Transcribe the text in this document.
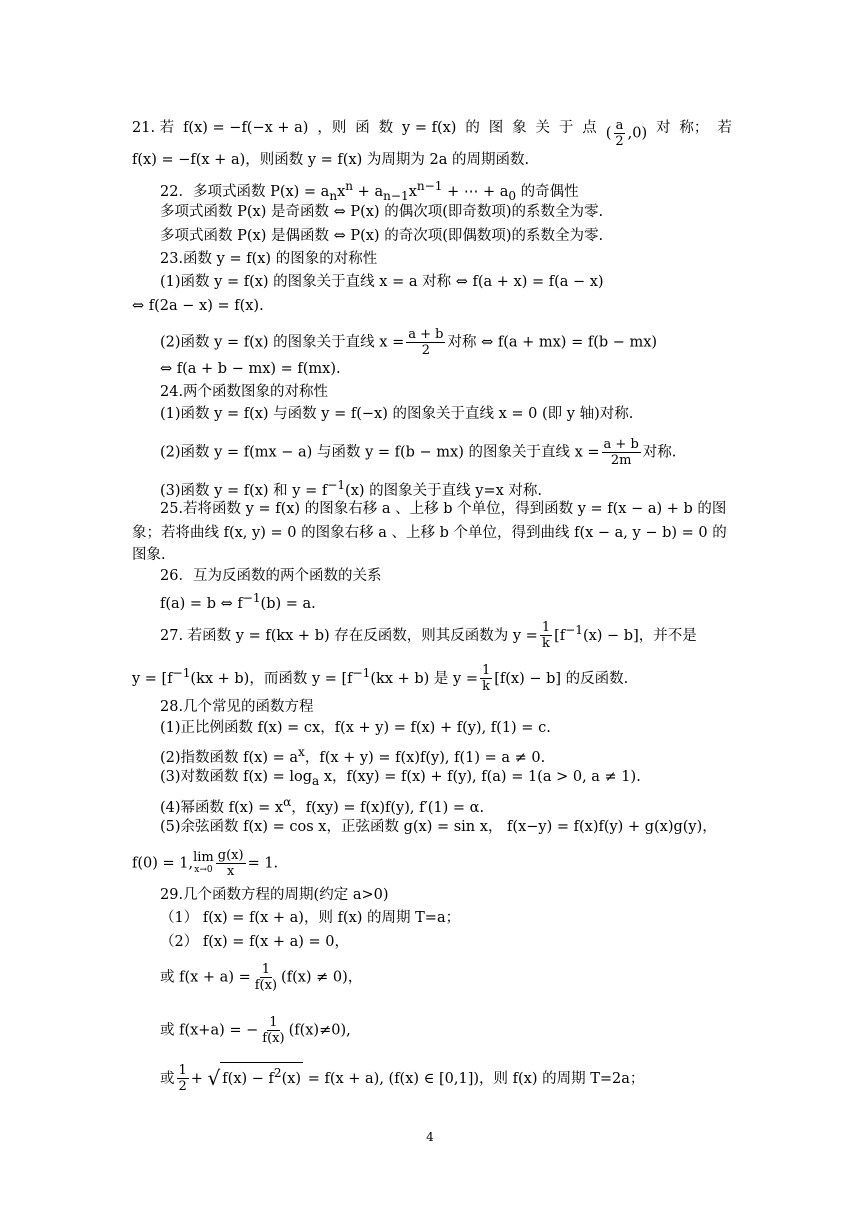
21. 若 f(x) = −f(−x + a) ，则 函 数 y = f(x) 的 图 象 关 于 点 ( $\frac{a}{2} ,0$) 对 称； 若
f(x) = −f(x + a)，则函数 y = f(x) 为周期为 2a 的周期函数.
22．多项式函数 $P(x) = a_nx^n + a_{n-1}x^{n-1}$ + ⋯ + $a_0$ 的奇偶性
多项式函数 P(x) 是奇函数 ⇔ P(x) 的偶次项(即奇数项)的系数全为零.
多项式函数 P(x) 是偶函数 ⇔ P(x) 的奇次项(即偶数项)的系数全为零.
23.函数 y = f(x) 的图象的对称性
(1)函数 y = f(x) 的图象关于直线 x = a 对称 ⇔ f(a + x) = f(a − x)
⇔ f(2a − x) = f(x).
(2)函数 y = f(x) 的图象关于直线 $x = \frac{a + b}{2}$ 对称 ⇔ f(a + mx) = f(b − mx)
⇔ f(a + b − mx) = f(mx).
24.两个函数图象的对称性
(1)函数 y = f(x) 与函数 y = f(−x) 的图象关于直线 x = 0 (即 y 轴)对称.
(2)函数 y = f(mx − a) 与函数 y = f(b − mx) 的图象关于直线 $x = \frac{a + b}{2m}$ 对称.
(3)函数 y = f(x) 和 $y = f^{-1}(x)$ 的图象关于直线 y=x 对称.
25.若将函数 y = f(x) 的图象右移 a 、上移 b 个单位，得到函数 y = f(x − a) + b 的图
象；若将曲线 f(x, y) = 0 的图象右移 a 、上移 b 个单位，得到曲线 f(x − a, y − b) = 0 的
图象.
26．互为反函数的两个函数的关系
f(a) = b ⇔ $f^{-1}(b) = a$.
27. 若函数 y = f(kx + b) 存在反函数，则其反函数为 $y = \frac{1}{k} [f^{-1}(x) - b]$，并不是
$y = [f^{-1}(kx + b)$，而函数 $y = [f^{-1}(kx + b)$ 是 $y = \frac{1}{k} [f(x) - b]$ 的反函数.
28.几个常见的函数方程
(1)正比例函数 f(x) = cx，f(x + y) = f(x) + f(y), f(1) = c.
(2)指数函数 $f(x) = a^x$，f(x + y) = f(x)f(y), f(1) = a ≠ 0.
(3)对数函数 $f(x) = \log_a x$，f(xy) = f(x) + f(y), f(a) = 1(a > 0, a ≠ 1).
(4)幂函数 $f(x) = x^\alpha$，f(xy) = f(x)f(y), f′(1) = α.
(5)余弦函数 f(x) = cos x，正弦函数 g(x) = sin x， f(x−y) = f(x)f(y) + g(x)g(y)，
f(0) = 1, lim
$x\to 0 \frac{g(x)}{x} = 1$.
29.几个函数方程的周期(约定 a>0)
（1） f(x) = f(x + a)，则 f(x) 的周期 T=a；
（2） f(x) = f(x + a) = 0，
或 $f(x + a) = \frac{1}{f(x)} (f(x) \ne 0)$，
或 f(x+a) = − $\frac{1}{f(x)} (f(x)\ne 0)$,
或 $\frac{1}{2}$ + √ $f(x) - f^2(x) = f(x + a)$, (f(x) ∈ [0,1])，则 f(x) 的周期 T=2a；
4
